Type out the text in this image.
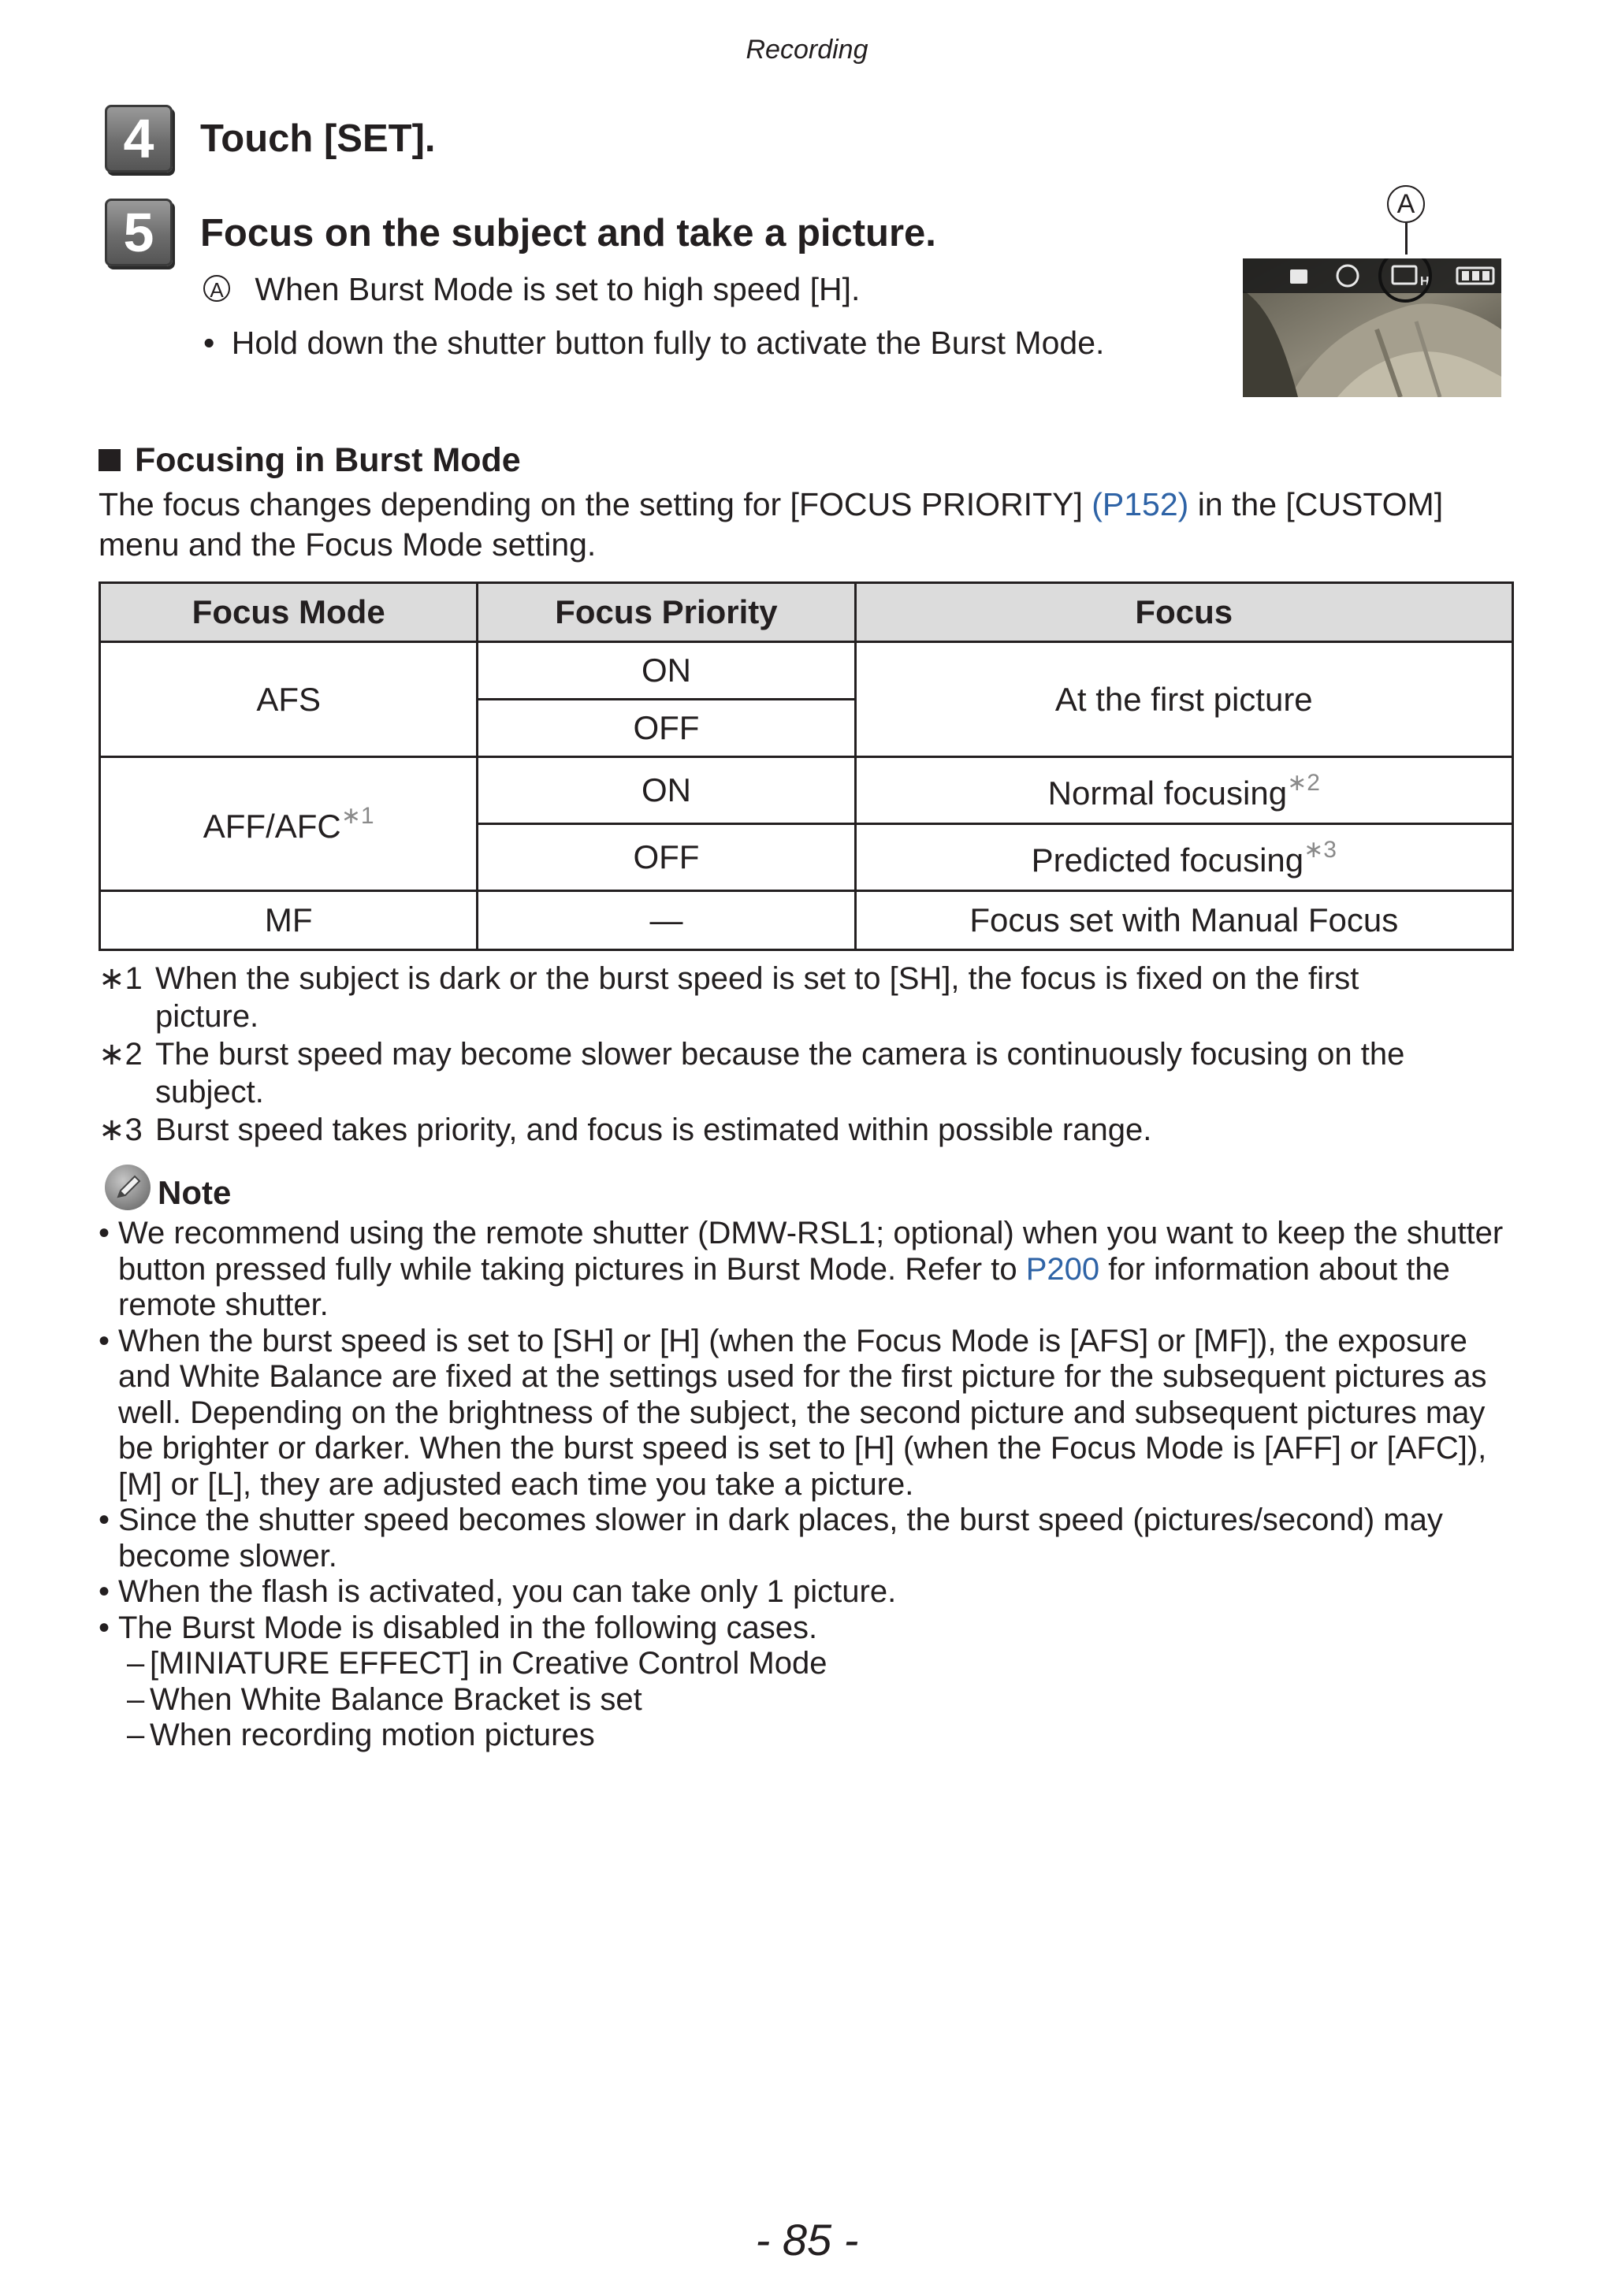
Recording
4	Touch [SET].
5	Focus on the subject and take a picture.
A When Burst Mode is set to high speed [H].
• Hold down the shutter button fully to activate the Burst Mode.
A
H
Focusing in Burst Mode
The focus changes depending on the setting for [FOCUS PRIORITY] (P152) in the [CUSTOM] menu and the Focus Mode setting.
Focus Mode	Focus Priority	Focus
AFS	ON	At the first picture
	OFF	
AFF/$AFC^{∗1}$	ON	Normal focusing$^{∗2}$
	OFF	Predicted focusing$^{∗3}$
MF	—	Focus set with Manual Focus
∗1 When the subject is dark or the burst speed is set to [SH], the focus is fixed on the first
picture.
∗2 The burst speed may become slower because the camera is continuously focusing on the
subject.
∗3 Burst speed takes priority, and focus is estimated within possible range.
Note
• We recommend using the remote shutter (DMW-RSL1; optional) when you want to keep the shutter button pressed fully while taking pictures in Burst Mode. Refer to P200 for information about the remote shutter.
• When the burst speed is set to [SH] or [H] (when the Focus Mode is [AFS] or [MF]), the exposure and White Balance are fixed at the settings used for the first picture for the subsequent pictures as well. Depending on the brightness of the subject, the second picture and subsequent pictures may be brighter or darker. When the burst speed is set to [H] (when the Focus Mode is [AFF] or [AFC]), [M] or [L], they are adjusted each time you take a picture.
• Since the shutter speed becomes slower in dark places, the burst speed (pictures/second) may become slower.
• When the flash is activated, you can take only 1 picture.
• The Burst Mode is disabled in the following cases.
– [MINIATURE EFFECT] in Creative Control Mode
– When White Balance Bracket is set
– When recording motion pictures
- 85 -
